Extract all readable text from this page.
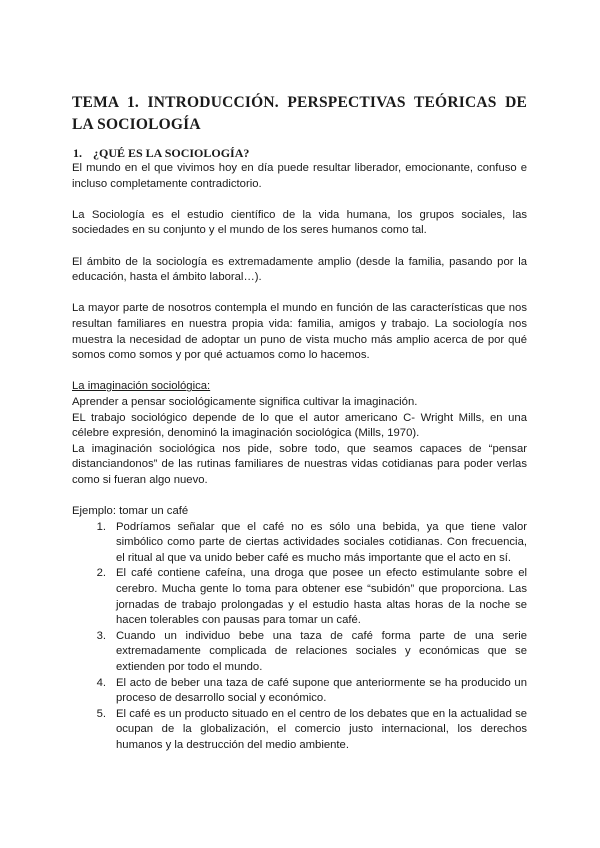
TEMA 1. INTRODUCCIÓN. PERSPECTIVAS TEÓRICAS DE LA SOCIOLOGÍA
1. ¿QUÉ ES LA SOCIOLOGÍA?

El mundo en el que vivimos hoy en día puede resultar liberador, emocionante, confuso e incluso completamente contradictorio.

La Sociología es el estudio científico de la vida humana, los grupos sociales, las sociedades en su conjunto y el mundo de los seres humanos como tal.

El ámbito de la sociología es extremadamente amplio (desde la familia, pasando por la educación, hasta el ámbito laboral…).

La mayor parte de nosotros contempla el mundo en función de las características que nos resultan familiares en nuestra propia vida: familia, amigos y trabajo. La sociología nos muestra la necesidad de adoptar un puno de vista mucho más amplio acerca de por qué somos como somos y por qué actuamos como lo hacemos.

La imaginación sociológica:

Aprender a pensar sociológicamente significa cultivar la imaginación.

EL trabajo sociológico depende de lo que el autor americano C- Wright Mills, en una célebre expresión, denominó la imaginación sociológica (Mills, 1970).

La imaginación sociológica nos pide, sobre todo, que seamos capaces de “pensar distanciandonos” de las rutinas familiares de nuestras vidas cotidianas para poder verlas como si fueran algo nuevo.

Ejemplo: tomar un café

1. Podríamos señalar que el café no es sólo una bebida, ya que tiene valor simbólico como parte de ciertas actividades sociales cotidianas. Con frecuencia, el ritual al que va unido beber café es mucho más importante que el acto en sí.
2. El café contiene cafeína, una droga que posee un efecto estimulante sobre el cerebro. Mucha gente lo toma para obtener ese “subidón” que proporciona. Las jornadas de trabajo prolongadas y el estudio hasta altas horas de la noche se hacen tolerables con pausas para tomar un café.
3. Cuando un individuo bebe una taza de café forma parte de una serie extremadamente complicada de relaciones sociales y económicas que se extienden por todo el mundo.
4. El acto de beber una taza de café supone que anteriormente se ha producido un proceso de desarrollo social y económico.
5. El café es un producto situado en el centro de los debates que en la actualidad se ocupan de la globalización, el comercio justo internacional, los derechos humanos y la destrucción del medio ambiente.
